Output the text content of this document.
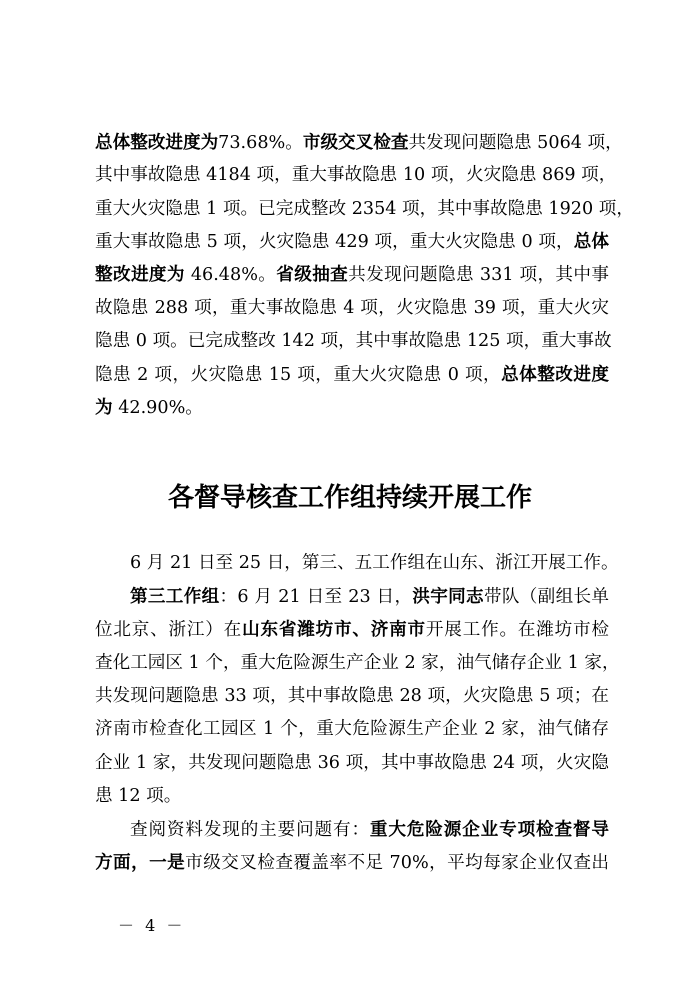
总体整改进度为73.68%。市级交叉检查共发现问题隐患 5064 项，
其中事故隐患 4184 项，重大事故隐患 10 项，火灾隐患 869 项，
重大火灾隐患 1 项。已完成整改 2354 项，其中事故隐患 1920 项，
重大事故隐患 5 项，火灾隐患 429 项，重大火灾隐患 0 项，总体
整改进度为 46.48%。省级抽查共发现问题隐患 331 项，其中事
故隐患 288 项，重大事故隐患 4 项，火灾隐患 39 项，重大火灾
隐患 0 项。已完成整改 142 项，其中事故隐患 125 项，重大事故
隐患 2 项，火灾隐患 15 项，重大火灾隐患 0 项，总体整改进度
为 42.90%。
各督导核查工作组持续开展工作
6 月 21 日至 25 日，第三、五工作组在山东、浙江开展工作。
第三工作组：6 月 21 日至 23 日，洪宇同志带队（副组长单
位北京、浙江）在山东省潍坊市、济南市开展工作。在潍坊市检
查化工园区 1 个，重大危险源生产企业 2 家，油气储存企业 1 家，
共发现问题隐患 33 项，其中事故隐患 28 项，火灾隐患 5 项；在
济南市检查化工园区 1 个，重大危险源生产企业 2 家，油气储存
企业 1 家，共发现问题隐患 36 项，其中事故隐患 24 项，火灾隐
患 12 项。
查阅资料发现的主要问题有：重大危险源企业专项检查督导
方面，一是市级交叉检查覆盖率不足 70%，平均每家企业仅查出
－ 4 －
